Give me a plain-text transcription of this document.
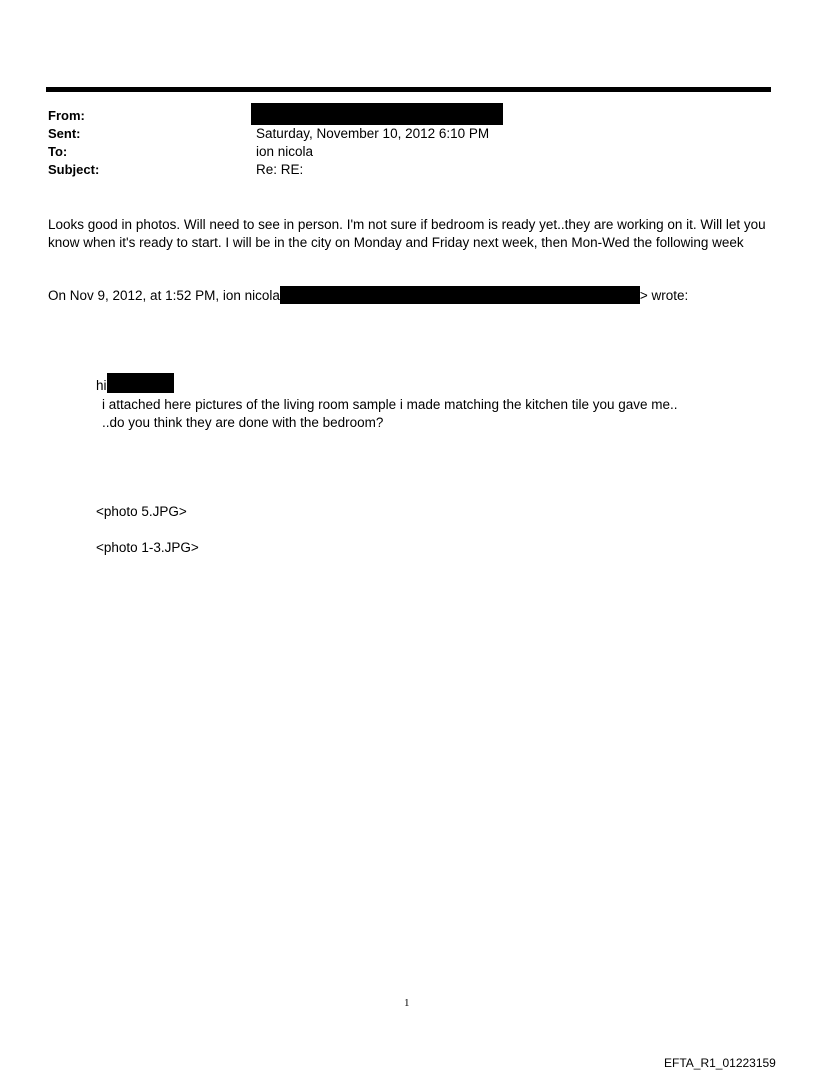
From:
Sent:	Saturday, November 10, 2012 6:10 PM
To:	ion nicola
Subject:	Re: RE:
Looks good in photos. Will need to see in person. I'm not sure if bedroom is ready yet..they are working on it. Will let you know when it's ready to start. I will be in the city on Monday and Friday next week, then Mon-Wed the following week
On Nov 9, 2012, at 1:52 PM, ion nicola	> wrote:
hi
i attached here pictures of the living room sample i made matching the kitchen tile you gave me..
..do you think they are done with the bedroom?
<photo 5.JPG>
<photo 1-3.JPG>
1
EFTA_R1_01223159
